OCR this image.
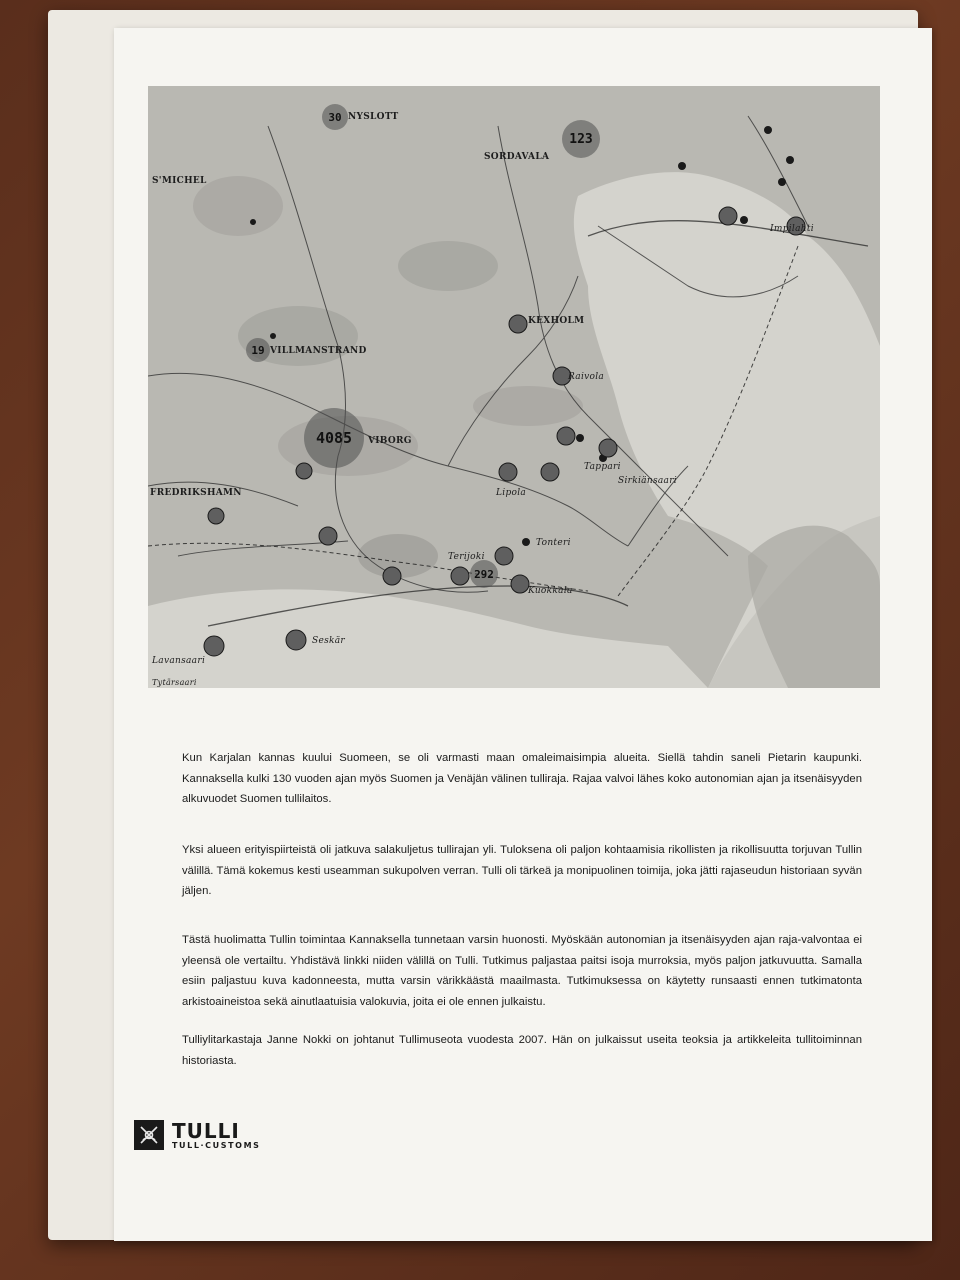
30 NYSLOTT
123
SORDAVALA
S'MICHEL
KEXHOLM
19 VILLMANSTRAND
4085	VIBORG
FREDRIKSHAMN	Lipola
Tappari
Sirkiänsaari
Tonteri
292
Terijoki
Kuokkala
Lavansaari
Seskär
Tytärsaari
Raivola
Impilahti

Kun Karjalan kannas kuului Suomeen, se oli varmasti maan omaleimaisimpia alueita. Siellä tahdin saneli Pietarin kaupunki. Kannaksella kulki 130 vuoden ajan myös Suomen ja Venäjän välinen tulliraja. Rajaa valvoi lähes koko autonomian ajan ja itsenäisyyden alkuvuodet Suomen tullilaitos.

Yksi alueen erityispiirteistä oli jatkuva salakuljetus tullirajan yli. Tuloksena oli paljon kohtaamisia rikollisten ja rikollisuutta torjuvan Tullin välillä. Tämä kokemus kesti useamman sukupolven verran. Tulli oli tärkeä ja monipuolinen toimija, joka jätti rajaseudun historiaan syvän jäljen.

Tästä huolimatta Tullin toimintaa Kannaksella tunnetaan varsin huonosti. Myöskään autonomian ja itsenäisyyden ajan raja-valvontaa ei yleensä ole vertailtu. Yhdistävä linkki niiden välillä on Tulli. Tutkimus paljastaa paitsi isoja murroksia, myös paljon jatkuvuutta. Samalla esiin paljastuu kuva kadonneesta, mutta varsin värikkäästä maailmasta. Tutkimuksessa on käytetty runsaasti ennen tutkimatonta arkistoaineistoa sekä ainutlaatuisia valokuvia, joita ei ole ennen julkaistu.

Tulliylitarkastaja Janne Nokki on johtanut Tullimuseota vuodesta 2007. Hän on julkaissut useita teoksia ja artikkeleita tullitoiminnan historiasta.

TULLI
TULL·CUSTOMS
